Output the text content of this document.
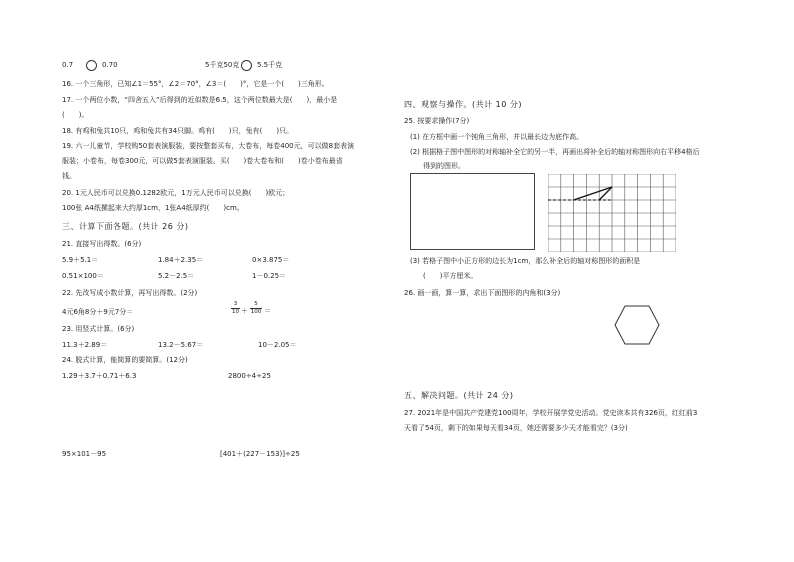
0.7	0.70	5千克50克	5.5千克
16. 一个三角形，已知∠1＝55°，∠2＝70°，∠3＝(　　)°，它是一个(　　)三角形。
17. 一个两位小数，“四舍五入”后得到的近似数是6.5，这个两位数最大是(　　)，最小是
(　　)。
18. 有鸡和兔共10只，鸡和兔共有34只脚。鸡有(　　)只，兔有(　　)只。
19. 六一儿童节，学校购50套表演服装，要按整套买布，大卷布，每卷400元，可以做8套表演
服装；小卷布，每卷300元，可以做5套表演服装。买(　　)卷大卷布和(　　)卷小卷布最省
钱。
20. 1元人民币可以兑换0.1282欧元，1万元人民币可以兑换(　　)欧元；
100张 A4纸摞起来大约厚1cm，1张A4纸厚约(　　)cm。
三、计算下面各题。(共计 26 分)
21. 直接写出得数。(6分)
5.9＋5.1＝	1.84＋2.35＝	0×3.875＝
0.51×100＝	5.2－2.5＝	1－0.25＝
22. 先改写成小数计算，再写出得数。(2分)
4元6角8分＋9元7分＝
3
10 ＋
5
100 ＝
23. 用竖式计算。(6分)
11.3＋2.89＝	13.2－5.67＝	10－2.05＝
24. 脱式计算，能简算的要简算。(12分)
1.29＋3.7＋0.71＋6.3	2800÷4÷25
95×101－95	[401＋(227－153)]÷25
四、观察与操作。(共计 10 分)
25. 按要求操作(7分)
(1) 在方框中画一个钝角三角形，并以最长边为底作高。
(2) 根据格子图中图形的对称轴补全它的另一半，再画出将补全后的轴对称图形向右平移4格后
得到的图形。
(3) 若格子图中小正方形的边长为1cm，那么补全后的轴对称图形的面积是
(　　)平方厘米。
26. 画一画，算一算，求出下面图形的内角和(3分)
五、解决问题。(共计 24 分)
27. 2021年是中国共产党建党100周年，学校开展学党史活动。党史读本共有326页，红红前3
天看了54页，剩下的如果每天看34页，她还需要多少天才能看完？(3分)
